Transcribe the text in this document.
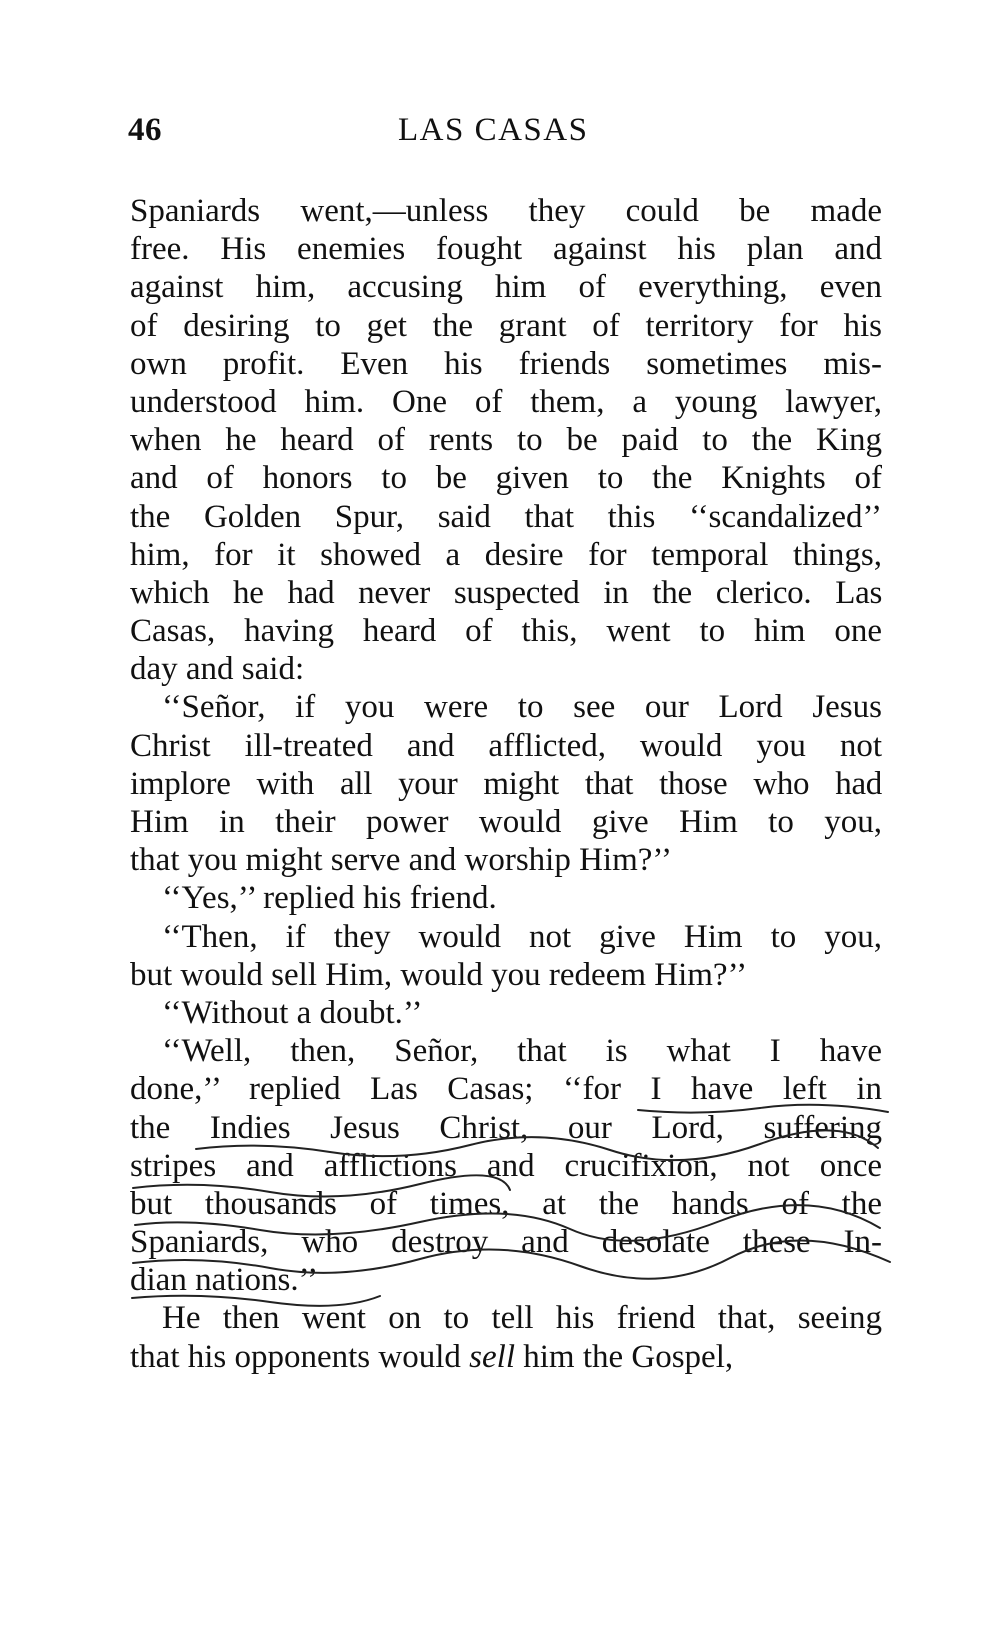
46	LAS CASAS
Spaniards went,—unless they could be made
free. His enemies fought against his plan and
against him, accusing him of everything, even
of desiring to get the grant of territory for his
own profit. Even his friends sometimes mis-
understood him. One of them, a young lawyer,
when he heard of rents to be paid to the King
and of honors to be given to the Knights of
the Golden Spur, said that this ‘‘scandalized’’
him, for it showed a desire for temporal things,
which he had never suspected in the clerico. Las
Casas, having heard of this, went to him one
day and said:
‘‘Señor, if you were to see our Lord Jesus
Christ ill-treated and afflicted, would you not
implore with all your might that those who had
Him in their power would give Him to you,
that you might serve and worship Him?’’
‘‘Yes,’’ replied his friend.
‘‘Then, if they would not give Him to you,
but would sell Him, would you redeem Him?’’
‘‘Without a doubt.’’
‘‘Well, then, Señor, that is what I have
done,’’ replied Las Casas; ‘‘for I have left in
the Indies Jesus Christ, our Lord, suffering
stripes and afflictions and crucifixion, not once
but thousands of times, at the hands of the
Spaniards, who destroy and desolate these In-
dian nations.’’
He then went on to tell his friend that, seeing
that his opponents would sell him the Gospel,
